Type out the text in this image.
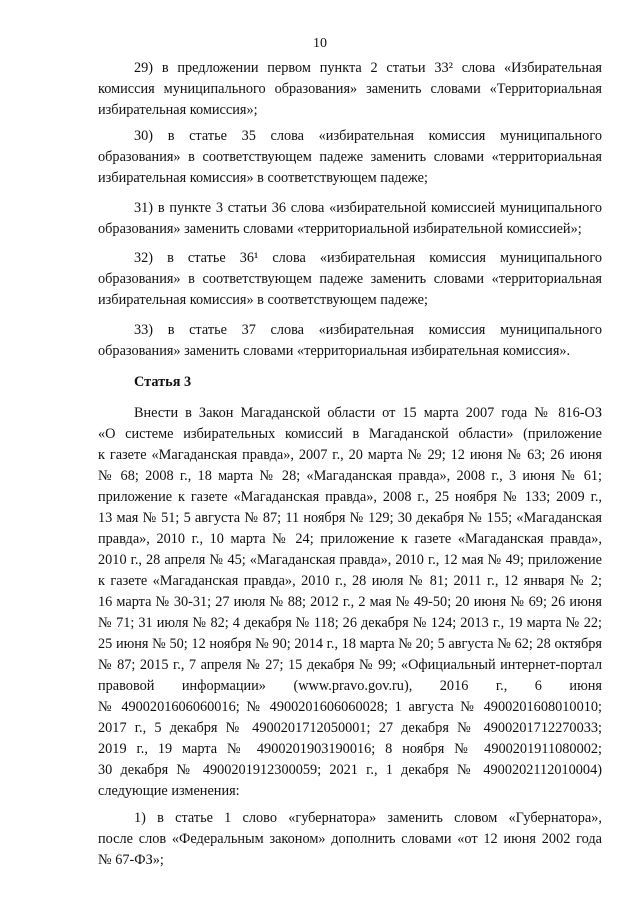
10
29) в предложении первом пункта 2 статьи 33² слова «Избирательная
комиссия муниципального образования» заменить словами «Территориальная
избирательная комиссия»;
30) в статье 35 слова «избирательная комиссия муниципального
образования» в соответствующем падеже заменить словами «территориальная
избирательная комиссия» в соответствующем падеже;
31) в пункте 3 статьи 36 слова «избирательной комиссией муниципального
образования» заменить словами «территориальной избирательной комиссией»;
32) в статье 36¹ слова «избирательная комиссия муниципального
образования» в соответствующем падеже заменить словами «территориальная
избирательная комиссия» в соответствующем падеже;
33) в статье 37 слова «избирательная комиссия муниципального
образования» заменить словами «территориальная избирательная комиссия».
Статья 3
Внести в Закон Магаданской области от 15 марта 2007 года № 816-ОЗ
«О системе избирательных комиссий в Магаданской области» (приложение
к газете «Магаданская правда», 2007 г., 20 марта № 29; 12 июня № 63; 26 июня
№ 68; 2008 г., 18 марта № 28; «Магаданская правда», 2008 г., 3 июня № 61;
приложение к газете «Магаданская правда», 2008 г., 25 ноября № 133; 2009 г.,
13 мая № 51; 5 августа № 87; 11 ноября № 129; 30 декабря № 155; «Магаданская
правда», 2010 г., 10 марта № 24; приложение к газете «Магаданская правда»,
2010 г., 28 апреля № 45; «Магаданская правда», 2010 г., 12 мая № 49; приложение
к газете «Магаданская правда», 2010 г., 28 июля № 81; 2011 г., 12 января № 2;
16 марта № 30-31; 27 июля № 88; 2012 г., 2 мая № 49-50; 20 июня № 69; 26 июня
№ 71; 31 июля № 82; 4 декабря № 118; 26 декабря № 124; 2013 г., 19 марта № 22;
25 июня № 50; 12 ноября № 90; 2014 г., 18 марта № 20; 5 августа № 62; 28 октября
№ 87; 2015 г., 7 апреля № 27; 15 декабря № 99; «Официальный интернет-портал
правовой информации» (www.pravo.gov.ru), 2016 г., 6 июня
№ 4900201606060016; № 4900201606060028; 1 августа № 4900201608010010;
2017 г., 5 декабря № 4900201712050001; 27 декабря № 4900201712270033;
2019 г., 19 марта № 4900201903190016; 8 ноября № 4900201911080002;
30 декабря № 4900201912300059; 2021 г., 1 декабря № 4900202112010004)
следующие изменения:
1) в статье 1 слово «губернатора» заменить словом «Губернатора»,
после слов «Федеральным законом» дополнить словами «от 12 июня 2002 года
№ 67-ФЗ»;
